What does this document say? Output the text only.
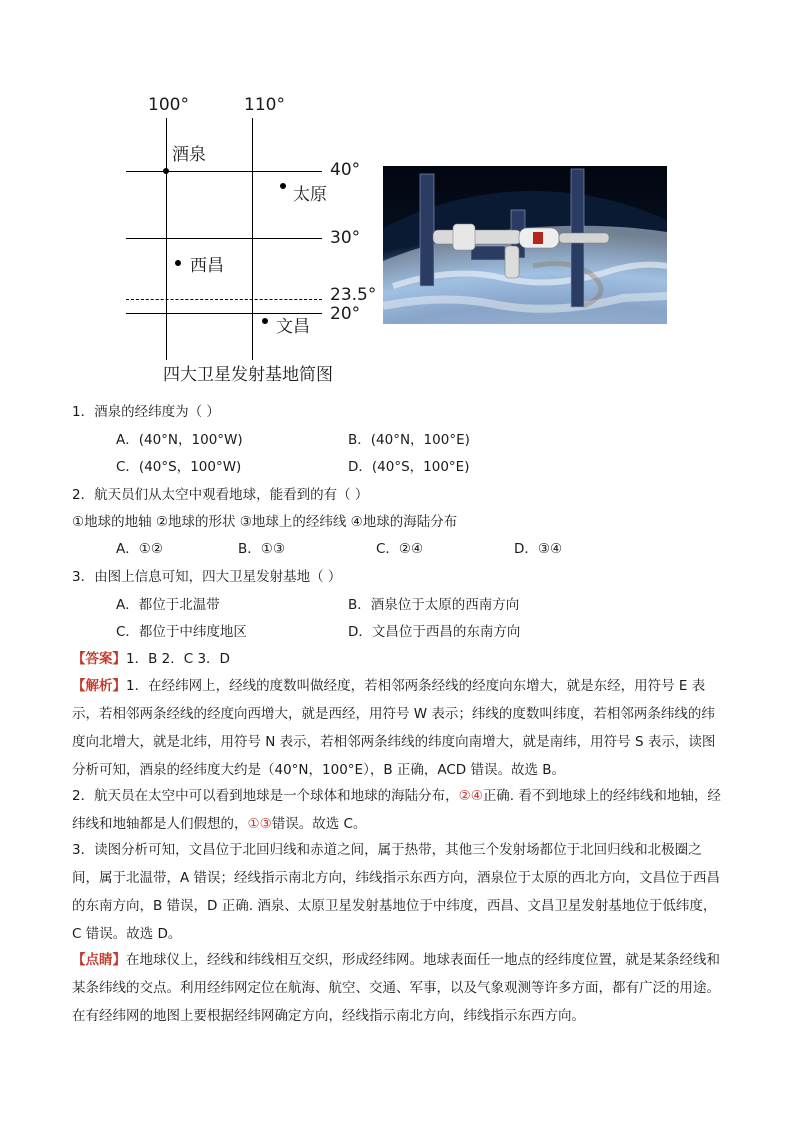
100°	110°
40°
30°
23.5°
20°
酒泉
太原
西昌
文昌
四大卫星发射基地简图
1．酒泉的经纬度为（ ）
A．(40°N，100°W)	B．(40°N，100°E)
C．(40°S，100°W)	D．(40°S，100°E)
2．航天员们从太空中观看地球，能看到的有（ ）
①地球的地轴 ②地球的形状 ③地球上的经纬线 ④地球的海陆分布
A．①②	B．①③	C．②④	D．③④
3．由图上信息可知，四大卫星发射基地（ ）
A．都位于北温带	B．酒泉位于太原的西南方向
C．都位于中纬度地区	D．文昌位于西昌的东南方向
【答案】1．B 2．C 3．D
【解析】1．在经纬网上，经线的度数叫做经度，若相邻两条经线的经度向东增大，就是东经，用符号 E 表示，若相邻两条经线的经度向西增大，就是西经，用符号 W 表示；纬线的度数叫纬度，若相邻两条纬线的纬度向北增大，就是北纬，用符号 N 表示，若相邻两条纬线的纬度向南增大，就是南纬，用符号 S 表示，读图分析可知，酒泉的经纬度大约是（40°N，100°E），B 正确，ACD 错误。故选 B。
2．航天员在太空中可以看到地球是一个球体和地球的海陆分布，②④正确. 看不到地球上的经纬线和地轴，经纬线和地轴都是人们假想的，①③错误。故选 C。
3．读图分析可知，文昌位于北回归线和赤道之间，属于热带，其他三个发射场都位于北回归线和北极圈之间，属于北温带，A 错误；经线指示南北方向，纬线指示东西方向，酒泉位于太原的西北方向，文昌位于西昌的东南方向，B 错误，D 正确. 酒泉、太原卫星发射基地位于中纬度，西昌、文昌卫星发射基地位于低纬度，C 错误。故选 D。
【点睛】在地球仪上，经线和纬线相互交织，形成经纬网。地球表面任一地点的经纬度位置，就是某条经线和某条纬线的交点。利用经纬网定位在航海、航空、交通、军事，以及气象观测等许多方面，都有广泛的用途。在有经纬网的地图上要根据经纬网确定方向，经线指示南北方向，纬线指示东西方向。
